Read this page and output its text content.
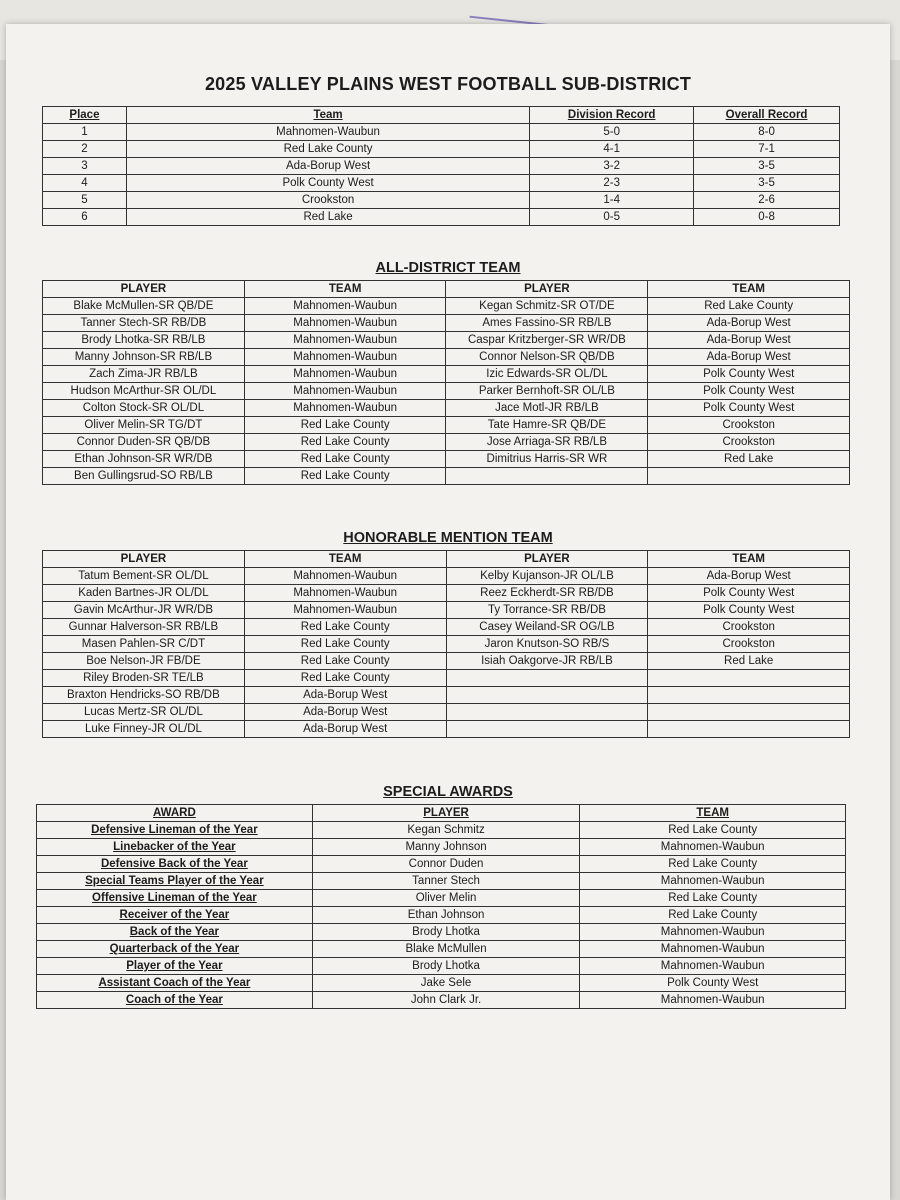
2025 VALLEY PLAINS WEST FOOTBALL SUB-DISTRICT
Place	Team	Division Record	Overall Record
1	Mahnomen-Waubun	5-0	8-0
2	Red Lake County	4-1	7-1
3	Ada-Borup West	3-2	3-5
4	Polk County West	2-3	3-5
5	Crookston	1-4	2-6
6	Red Lake	0-5	0-8
ALL-DISTRICT TEAM
PLAYER	TEAM	PLAYER	TEAM
Blake McMullen-SR QB/DE	Mahnomen-Waubun	Kegan Schmitz-SR OT/DE	Red Lake County
Tanner Stech-SR RB/DB	Mahnomen-Waubun	Ames Fassino-SR RB/LB	Ada-Borup West
Brody Lhotka-SR RB/LB	Mahnomen-Waubun	Caspar Kritzberger-SR WR/DB	Ada-Borup West
Manny Johnson-SR RB/LB	Mahnomen-Waubun	Connor Nelson-SR QB/DB	Ada-Borup West
Zach Zima-JR RB/LB	Mahnomen-Waubun	Izic Edwards-SR OL/DL	Polk County West
Hudson McArthur-SR OL/DL	Mahnomen-Waubun	Parker Bernhoft-SR OL/LB	Polk County West
Colton Stock-SR OL/DL	Mahnomen-Waubun	Jace Motl-JR RB/LB	Polk County West
Oliver Melin-SR TG/DT	Red Lake County	Tate Hamre-SR QB/DE	Crookston
Connor Duden-SR QB/DB	Red Lake County	Jose Arriaga-SR RB/LB	Crookston
Ethan Johnson-SR WR/DB	Red Lake County	Dimitrius Harris-SR WR	Red Lake
Ben Gullingsrud-SO RB/LB	Red Lake County		
HONORABLE MENTION TEAM
PLAYER	TEAM	PLAYER	TEAM
Tatum Bement-SR OL/DL	Mahnomen-Waubun	Kelby Kujanson-JR OL/LB	Ada-Borup West
Kaden Bartnes-JR OL/DL	Mahnomen-Waubun	Reez Eckherdt-SR RB/DB	Polk County West
Gavin McArthur-JR WR/DB	Mahnomen-Waubun	Ty Torrance-SR RB/DB	Polk County West
Gunnar Halverson-SR RB/LB	Red Lake County	Casey Weiland-SR OG/LB	Crookston
Masen Pahlen-SR C/DT	Red Lake County	Jaron Knutson-SO RB/S	Crookston
Boe Nelson-JR FB/DE	Red Lake County	Isiah Oakgorve-JR RB/LB	Red Lake
Riley Broden-SR TE/LB	Red Lake County		
Braxton Hendricks-SO RB/DB	Ada-Borup West		
Lucas Mertz-SR OL/DL	Ada-Borup West		
Luke Finney-JR OL/DL	Ada-Borup West		
SPECIAL AWARDS
AWARD	PLAYER	TEAM
Defensive Lineman of the Year	Kegan Schmitz	Red Lake County
Linebacker of the Year	Manny Johnson	Mahnomen-Waubun
Defensive Back of the Year	Connor Duden	Red Lake County
Special Teams Player of the Year	Tanner Stech	Mahnomen-Waubun
Offensive Lineman of the Year	Oliver Melin	Red Lake County
Receiver of the Year	Ethan Johnson	Red Lake County
Back of the Year	Brody Lhotka	Mahnomen-Waubun
Quarterback of the Year	Blake McMullen	Mahnomen-Waubun
Player of the Year	Brody Lhotka	Mahnomen-Waubun
Assistant Coach of the Year	Jake Sele	Polk County West
Coach of the Year	John Clark Jr.	Mahnomen-Waubun
